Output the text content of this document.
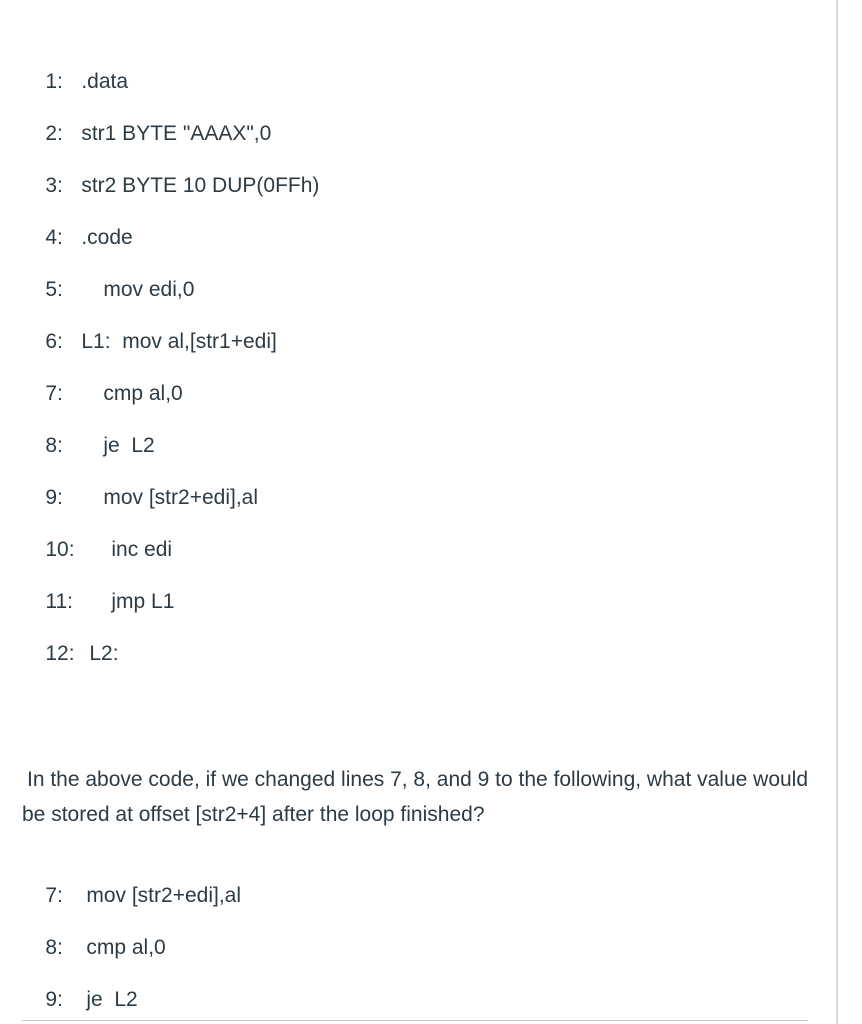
1: .data

2: str1 BYTE "AAAX",0

3: str2 BYTE 10 DUP(0FFh)

4: .code

5: mov edi,0

6: L1:  mov al,[str1+edi]

7: cmp al,0

8: je  L2

9: mov [str2+edi],al

10: inc edi

11: jmp L1

12: L2:

In the above code, if we changed lines 7, 8, and 9 to the following, what value would be stored at offset [str2+4] after the loop finished?

7: mov [str2+edi],al

8: cmp al,0

9: je  L2
